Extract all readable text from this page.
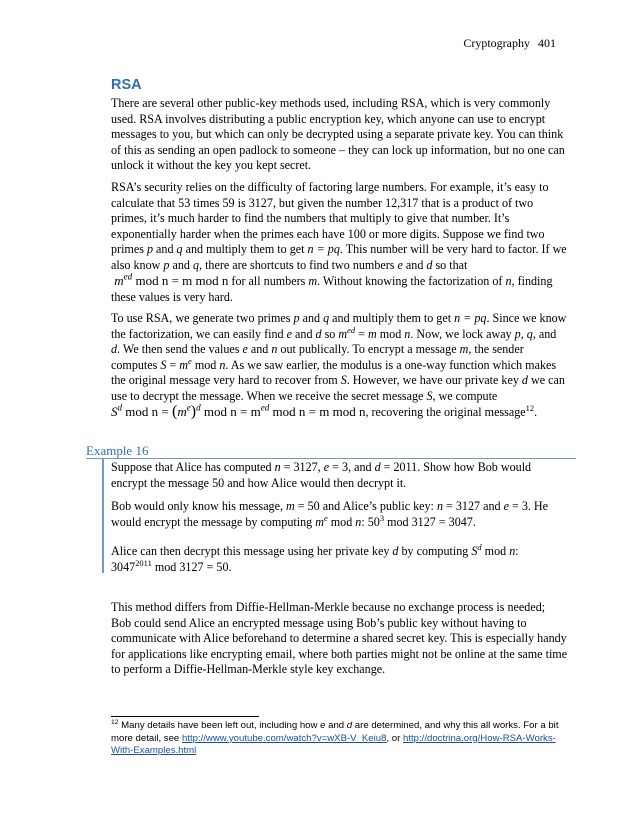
Cryptography 401
RSA

There are several other public-key methods used, including RSA, which is very commonly used. RSA involves distributing a public encryption key, which anyone can use to encrypt messages to you, but which can only be decrypted using a separate private key. You can think of this as sending an open padlock to someone – they can lock up information, but no one can unlock it without the key you kept secret.

RSA’s security relies on the difficulty of factoring large numbers. For example, it’s easy to calculate that 53 times 59 is 3127, but given the number 12,317 that is a product of two primes, it’s much harder to find the numbers that multiply to give that number. It’s exponentially harder when the primes each have 100 or more digits. Suppose we find two primes p and q and multiply them to get n = pq. This number will be very hard to factor. If we also know p and q, there are shortcuts to find two numbers e and d so that
$m^{ed}$ mod n = m mod n for all numbers m. Without knowing the factorization of n, finding these values is very hard.

To use RSA, we generate two primes p and q and multiply them to get n = pq. Since we know the factorization, we can easily find e and d so $m^{ed} = m$ mod n. Now, we lock away p, q, and d. We then send the values e and n out publically. To encrypt a message m, the sender computes $S = m^e$ mod n. As we saw earlier, the modulus is a one-way function which makes the original message very hard to recover from S. However, we have our private key d we can use to decrypt the message. When we receive the secret message S, we compute
$S^d$ mod $n = (m^e)^d$ mod $n = m^{ed}$ mod n = m mod n, recovering the original message$^{12}$.

Example 16

Suppose that Alice has computed n = 3127, e = 3, and d = 2011. Show how Bob would encrypt the message 50 and how Alice would then decrypt it.

Bob would only know his message, m = 50 and Alice’s public key: n = 3127 and e = 3. He would encrypt the message by computing $m^e$ mod n: $50^3$ mod 3127 = 3047.

Alice can then decrypt this message using her private key d by computing $S^d$ mod n:
$3047^{2011}$ mod 3127 = 50.

This method differs from Diffie-Hellman-Merkle because no exchange process is needed; Bob could send Alice an encrypted message using Bob’s public key without having to communicate with Alice beforehand to determine a shared secret key. This is especially handy for applications like encrypting email, where both parties might not be online at the same time to perform a Diffie-Hellman-Merkle style key exchange.

$^{12}$ Many details have been left out, including how e and d are determined, and why this all works. For a bit more detail, see http://www.youtube.com/watch?v=wXB-V_Keiu8, or http://doctrina.org/How-RSA-Works-With-Examples.html
